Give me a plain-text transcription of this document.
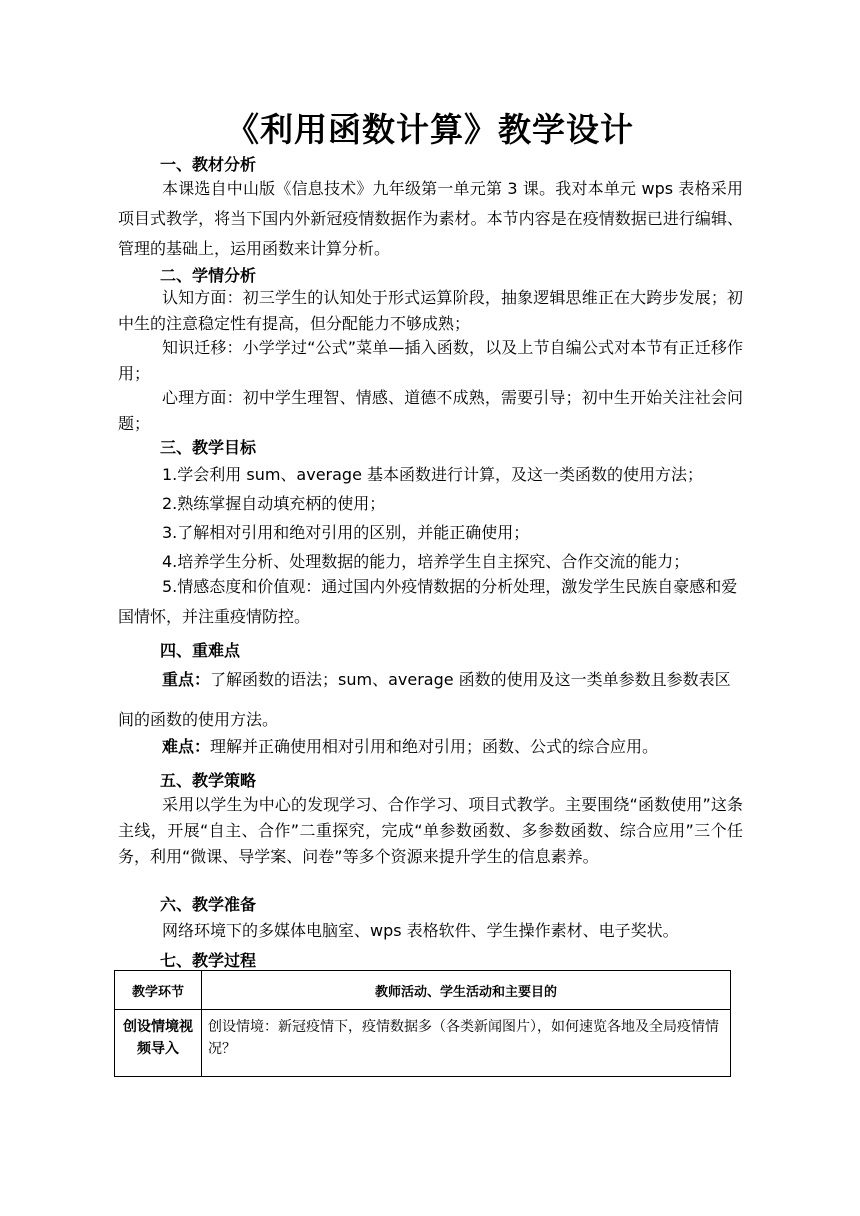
《利用函数计算》教学设计
一、教材分析
本课选自中山版《信息技术》九年级第一单元第 3 课。我对本单元 wps 表格采用项目式教学，将当下国内外新冠疫情数据作为素材。本节内容是在疫情数据已进行编辑、管理的基础上，运用函数来计算分析。
二、学情分析
认知方面：初三学生的认知处于形式运算阶段，抽象逻辑思维正在大跨步发展；初中生的注意稳定性有提高，但分配能力不够成熟；
知识迁移：小学学过“公式”菜单—插入函数，以及上节自编公式对本节有正迁移作用；
心理方面：初中学生理智、情感、道德不成熟，需要引导；初中生开始关注社会问题；
三、教学目标
1.学会利用 sum、average 基本函数进行计算，及这一类函数的使用方法；
2.熟练掌握自动填充柄的使用；
3.了解相对引用和绝对引用的区别，并能正确使用；
4.培养学生分析、处理数据的能力，培养学生自主探究、合作交流的能力；
5.情感态度和价值观：通过国内外疫情数据的分析处理，激发学生民族自豪感和爱国情怀，并注重疫情防控。
四、重难点
重点：了解函数的语法；sum、average 函数的使用及这一类单参数且参数表区间的函数的使用方法。
难点：理解并正确使用相对引用和绝对引用；函数、公式的综合应用。
五、教学策略
采用以学生为中心的发现学习、合作学习、项目式教学。主要围绕“函数使用”这条主线，开展“自主、合作”二重探究，完成“单参数函数、多参数函数、综合应用”三个任务，利用“微课、导学案、问卷”等多个资源来提升学生的信息素养。
六、教学准备
网络环境下的多媒体电脑室、wps 表格软件、学生操作素材、电子奖状。
七、教学过程
教学环节	教师活动、学生活动和主要目的
创设情境视频导入	创设情境：新冠疫情下，疫情数据多（各类新闻图片），如何速览各地及全局疫情情况？
